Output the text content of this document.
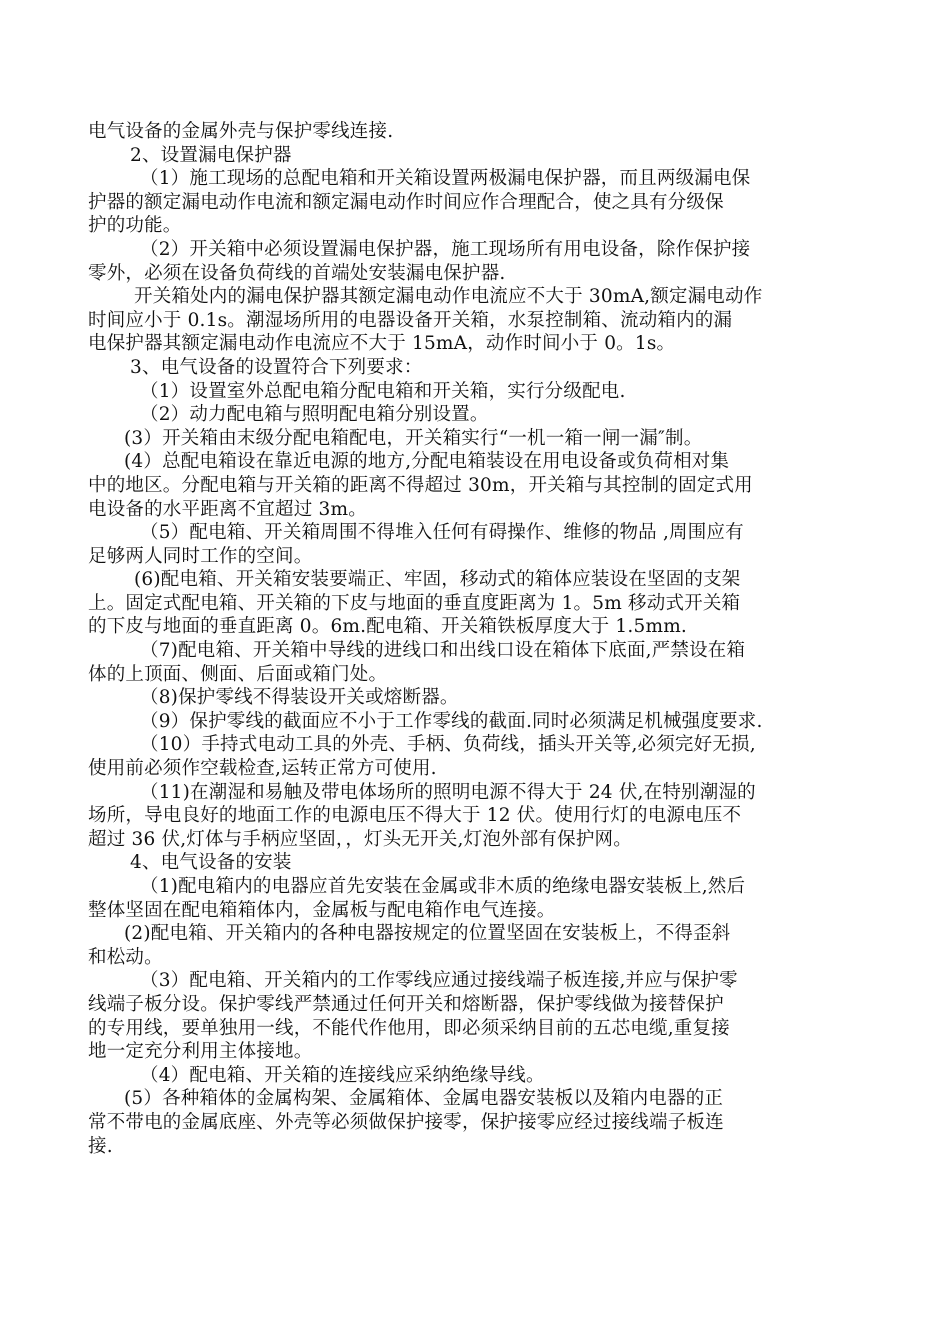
电气设备的金属外壳与保护零线连接.
2、设置漏电保护器
（1）施工现场的总配电箱和开关箱设置两极漏电保护器，而且两级漏电保
护器的额定漏电动作电流和额定漏电动作时间应作合理配合，使之具有分级保
护的功能。
（2）开关箱中必须设置漏电保护器，施工现场所有用电设备，除作保护接
零外，必须在设备负荷线的首端处安装漏电保护器.
开关箱处内的漏电保护器其额定漏电动作电流应不大于 30mA,额定漏电动作
时间应小于 0.1s。潮湿场所用的电器设备开关箱，水泵控制箱、流动箱内的漏
电保护器其额定漏电动作电流应不大于 15mA，动作时间小于 0。1s。
3、电气设备的设置符合下列要求：
（1）设置室外总配电箱分配电箱和开关箱，实行分级配电.
（2）动力配电箱与照明配电箱分别设置。
(3）开关箱由末级分配电箱配电，开关箱实行“一机一箱一闸一漏″制。
(4）总配电箱设在靠近电源的地方,分配电箱装设在用电设备或负荷相对集
中的地区。分配电箱与开关箱的距离不得超过 30m，开关箱与其控制的固定式用
电设备的水平距离不宜超过 3m。
（5）配电箱、开关箱周围不得堆入任何有碍操作、维修的物品 ,周围应有
足够两人同时工作的空间。
(6)配电箱、开关箱安装要端正、牢固，移动式的箱体应装设在坚固的支架
上。固定式配电箱、开关箱的下皮与地面的垂直度距离为 1。5m 移动式开关箱
的下皮与地面的垂直距离 0。6m.配电箱、开关箱铁板厚度大于 1.5mm.
（7)配电箱、开关箱中导线的进线口和出线口设在箱体下底面,严禁设在箱
体的上顶面、侧面、后面或箱门处。
（8)保护零线不得装设开关或熔断器。
（9）保护零线的截面应不小于工作零线的截面.同时必须满足机械强度要求.
（10）手持式电动工具的外壳、手柄、负荷线，插头开关等,必须完好无损,
使用前必须作空载检查,运转正常方可使用.
（11)在潮湿和易触及带电体场所的照明电源不得大于 24 伏,在特别潮湿的
场所，导电良好的地面工作的电源电压不得大于 12 伏。使用行灯的电源电压不
超过 36 伏,灯体与手柄应坚固，，灯头无开关,灯泡外部有保护网。
4、电气设备的安装
（1)配电箱内的电器应首先安装在金属或非木质的绝缘电器安装板上,然后
整体坚固在配电箱箱体内，金属板与配电箱作电气连接。
(2)配电箱、开关箱内的各种电器按规定的位置坚固在安装板上，不得歪斜
和松动。
（3）配电箱、开关箱内的工作零线应通过接线端子板连接,并应与保护零
线端子板分设。保护零线严禁通过任何开关和熔断器，保护零线做为接替保护
的专用线，要单独用一线，不能代作他用，即必须采纳目前的五芯电缆,重复接
地一定充分利用主体接地。
（4）配电箱、开关箱的连接线应采纳绝缘导线。
(5）各种箱体的金属构架、金属箱体、金属电器安装板以及箱内电器的正
常不带电的金属底座、外壳等必须做保护接零，保护接零应经过接线端子板连
接.
